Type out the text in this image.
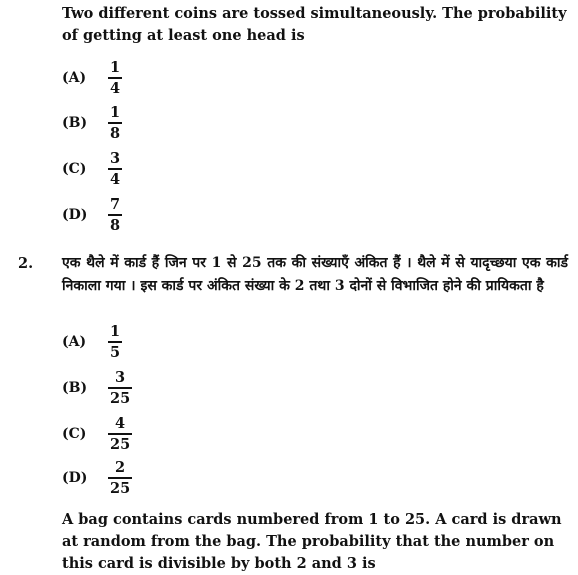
Two different coins are tossed simultaneously. The probability of getting at least one head is

(A)	$\frac{1}{4}$
(B)	$\frac{1}{8}$
(C)	$\frac{3}{4}$
(D)	$\frac{7}{8}$
2. एक थैले में कार्ड हैं जिन पर 1 से 25 तक की संख्याएँ अंकित हैं । थैले में से यादृच्छया एक कार्ड निकाला गया । इस कार्ड पर अंकित संख्या के 2 तथा 3 दोनों से विभाजित होने की प्रायिकता है

(A)	$\frac{1}{5}$
(B)	$\frac{3}{25}$
(C)	$\frac{4}{25}$
(D)	$\frac{2}{25}$

A bag contains cards numbered from 1 to 25. A card is drawn at random from the bag. The probability that the number on this card is divisible by both 2 and 3 is
